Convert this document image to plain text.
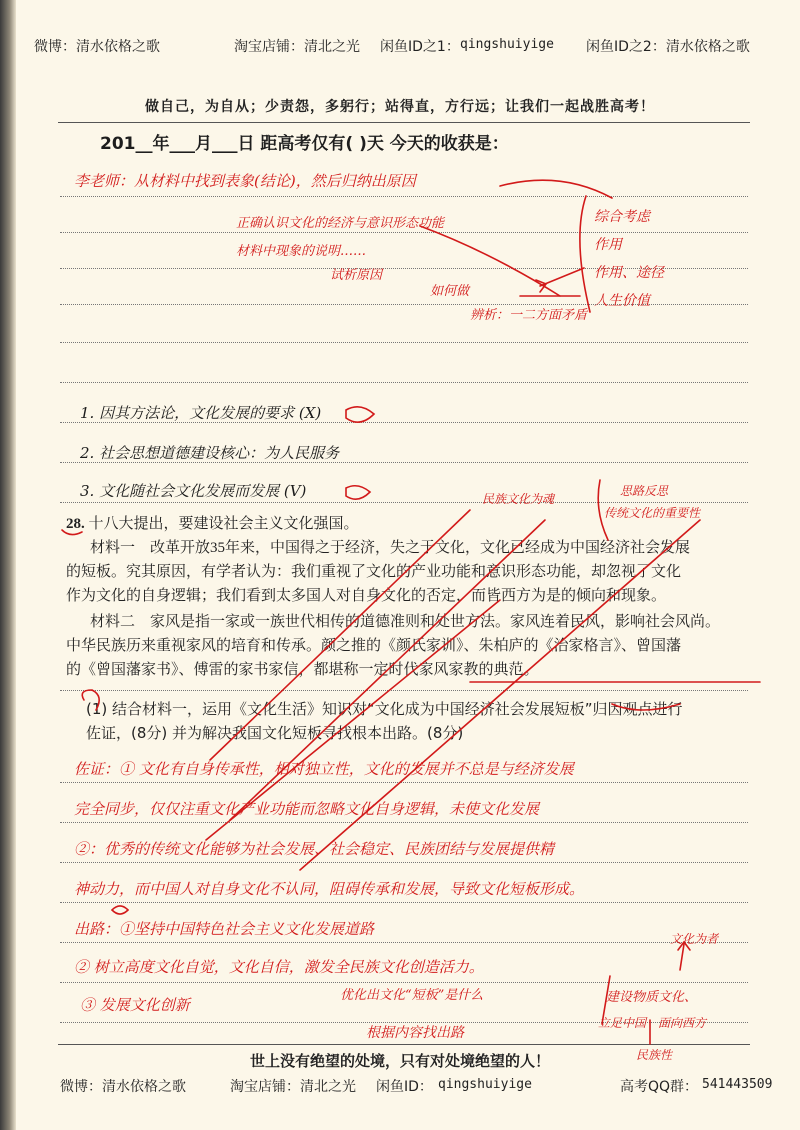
微博：清水依格之歌	淘宝店铺：清北之光 闲鱼ID之1： qingshuiyige 闲鱼ID之2：清水依格之歌
做自己，为自从；少责怨，多躬行；站得直，方行远；让我们一起战胜高考！
201__年___月___日 距高考仅有( )天 今天的收获是：
李老师：从材料中找到表象(结论)，然后归纳出原因
正确认识文化的经济与意识形态功能
材料中现象的说明……
试析原因
综合考虑
作用
作用、途径
人生价值
如何做
辨析：一二方面矛盾
1. 因其方法论，文化发展的要求 (X)
2. 社会思想道德建设核心：为人民服务
3. 文化随社会文化发展而发展 (V)	民族文化为魂
思路反思
传统文化的重要性
28. 十八大提出，要建设社会主义文化强国。
材料一　改革开放35年来，中国得之于经济，失之于文化，文化已经成为中国经济社会发展
的短板。究其原因，有学者认为：我们重视了文化的产业功能和意识形态功能，却忽视了文化
作为文化的自身逻辑；我们看到太多国人对自身文化的否定，而皆西方为是的倾向和现象。
材料二　家风是指一家或一族世代相传的道德准则和处世方法。家风连着民风，影响社会风尚。
中华民族历来重视家风的培育和传承。颜之推的《颜氏家训》、朱柏庐的《治家格言》、曾国藩
的《曾国藩家书》、傅雷的家书家信，都堪称一定时代家风家教的典范。
(1) 结合材料一，运用《文化生活》知识对“文化成为中国经济社会发展短板”归因观点进行
佐证，(8分) 并为解决我国文化短板寻找根本出路。(8分)
佐证：① 文化有自身传承性，相对独立性，文化的发展并不总是与经济发展
完全同步，仅仅注重文化产业功能而忽略文化自身逻辑，未使文化发展
②：优秀的传统文化能够为社会发展、社会稳定、民族团结与发展提供精
神动力，而中国人对自身文化不认同，阻碍传承和发展，导致文化短板形成。
出路：①坚持中国特色社会主义文化发展道路
② 树立高度文化自觉，文化自信，激发全民族文化创造活力。
③ 发展文化创新
优化出文化“短板”是什么	建设物质文化、
文化为者
立足中国　面向西方
根据内容找出路
民族性
世上没有绝望的处境，只有对处境绝望的人！
微博：清水依格之歌	淘宝店铺：清北之光 闲鱼ID： qingshuiyige	高考QQ群： 541443509
